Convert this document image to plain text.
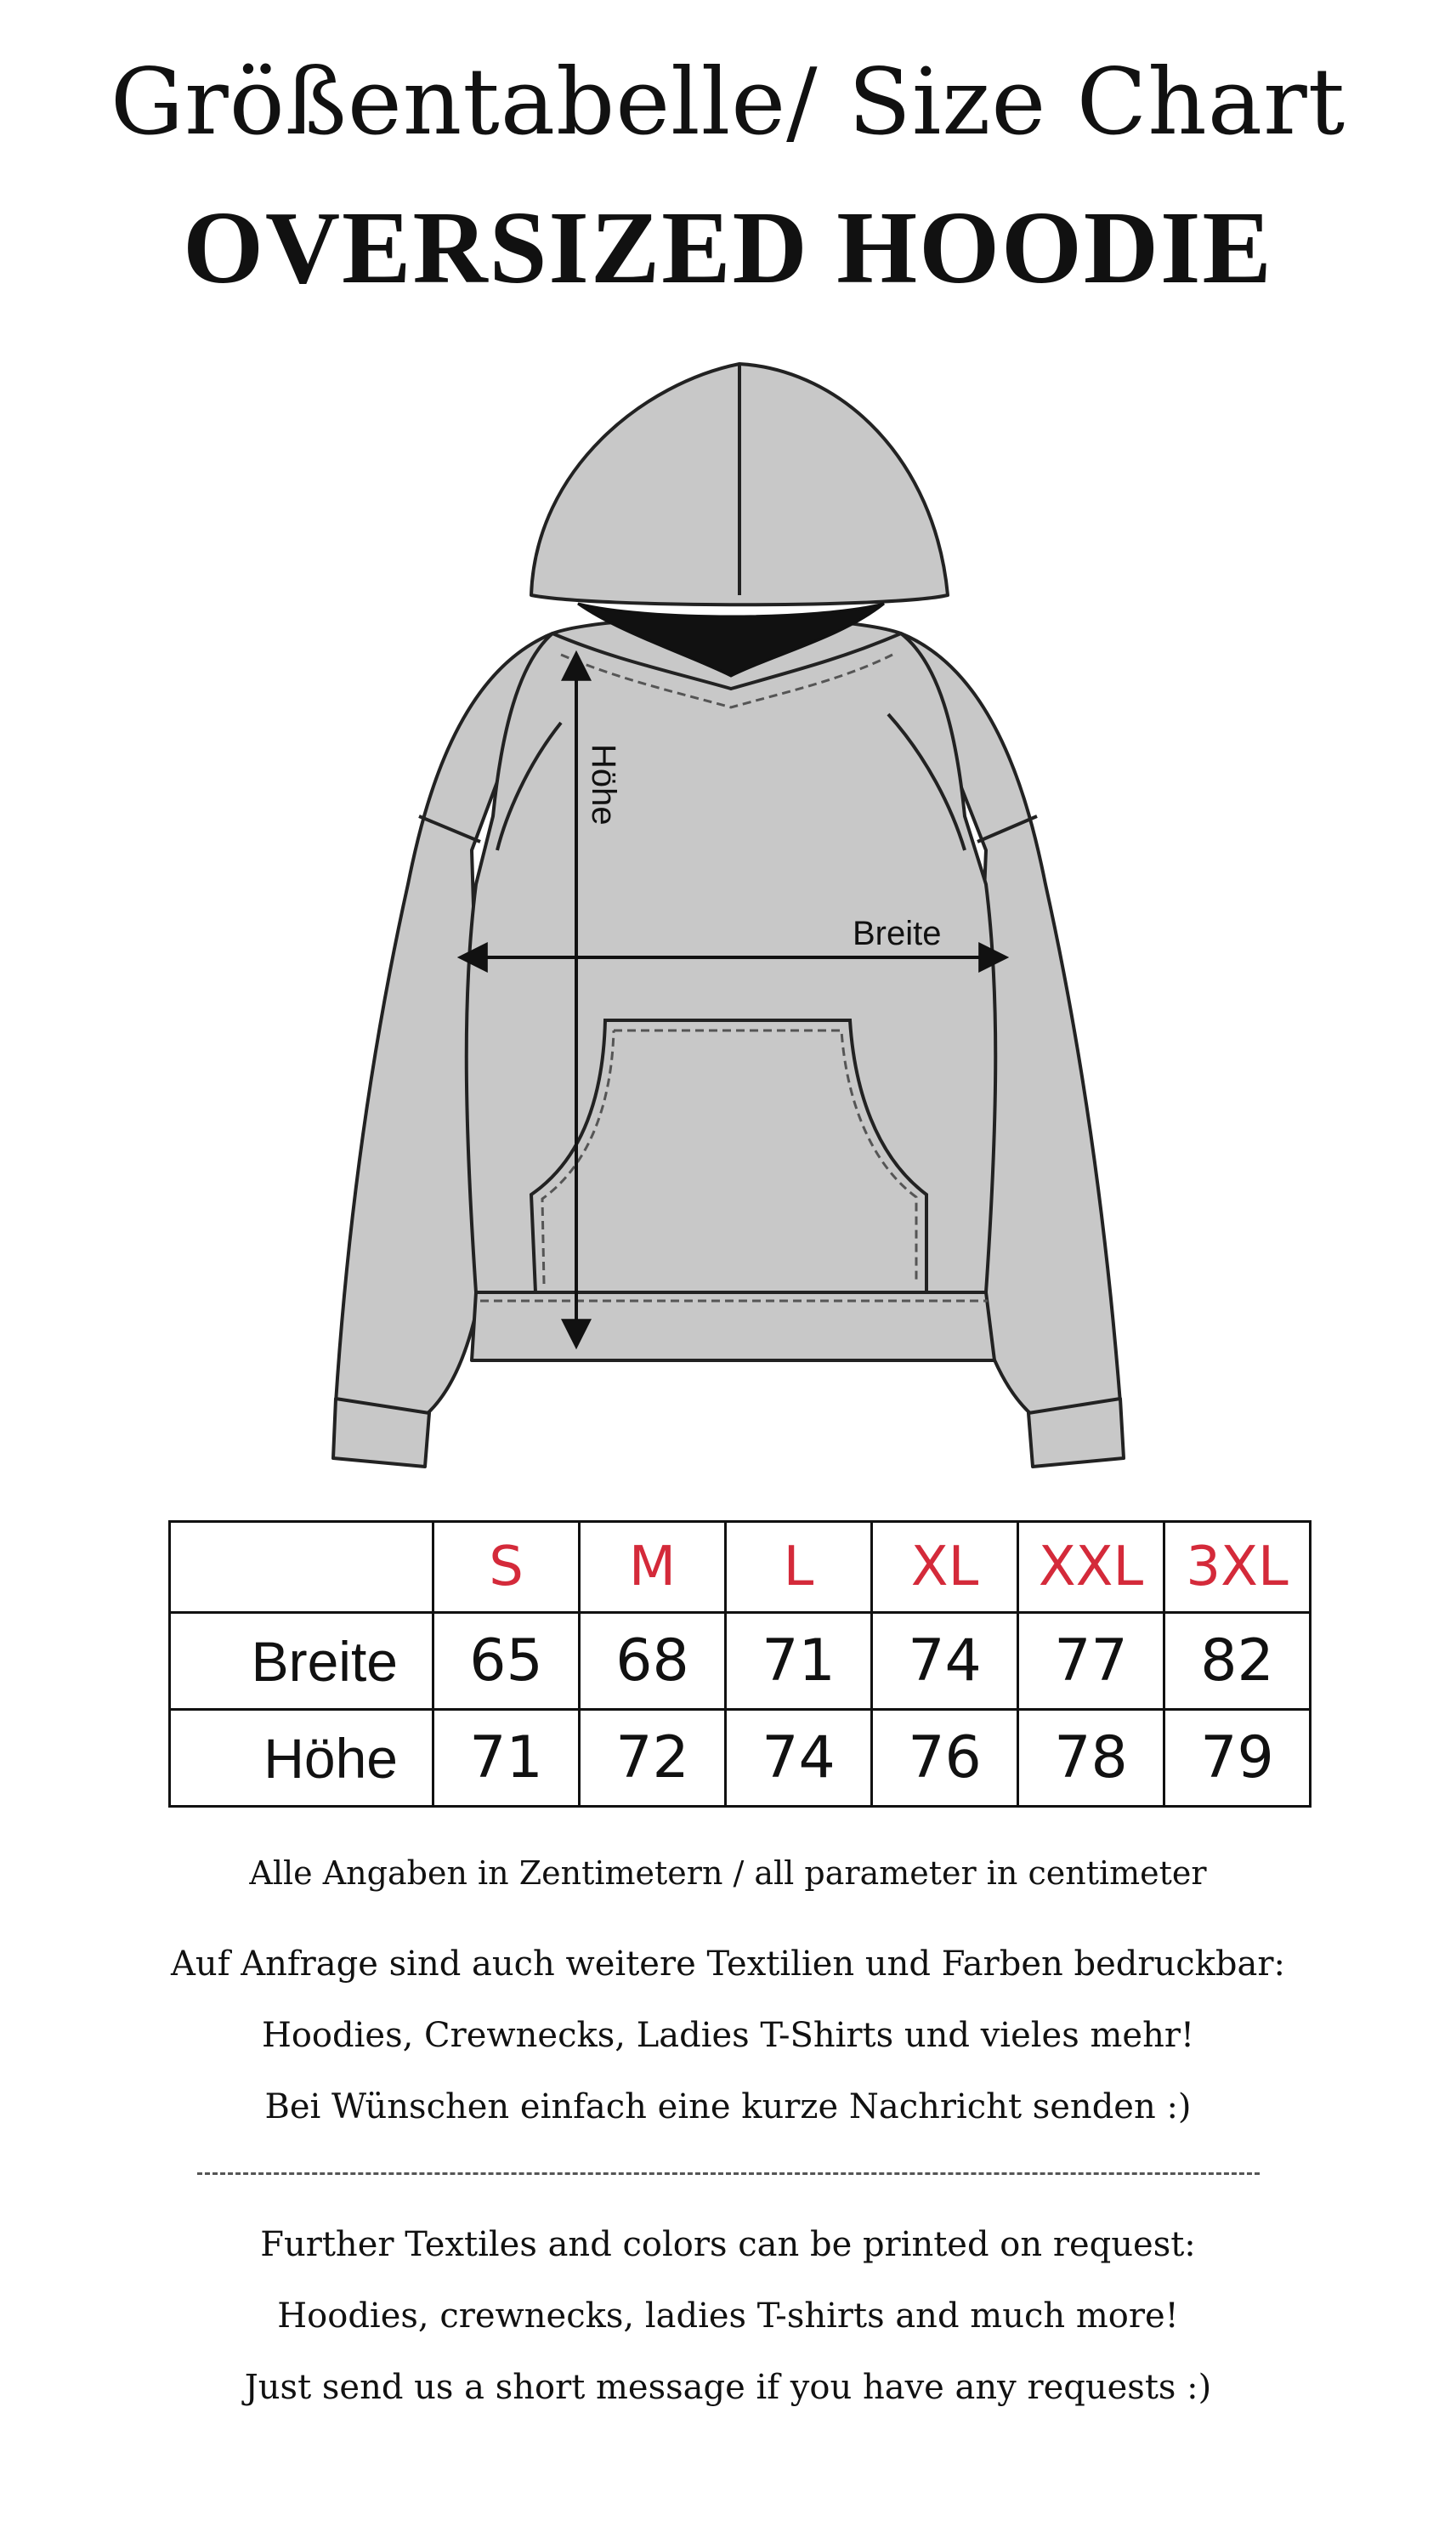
Größentabelle/ Size Chart
OVERSIZED HOODIE
Höhe
Breite
	S	M	L	XL	XXL	3XL
Breite	65	68	71	74	77	82
Höhe	71	72	74	76	78	79
Alle Angaben in Zentimetern / all parameter in centimeter
Auf Anfrage sind auch weitere Textilien und Farben bedruckbar:
Hoodies, Crewnecks, Ladies T-Shirts und vieles mehr!
Bei Wünschen einfach eine kurze Nachricht senden :)
Further Textiles and colors can be printed on request:
Hoodies, crewnecks, ladies T-shirts and much more!
Just send us a short message if you have any requests :)
